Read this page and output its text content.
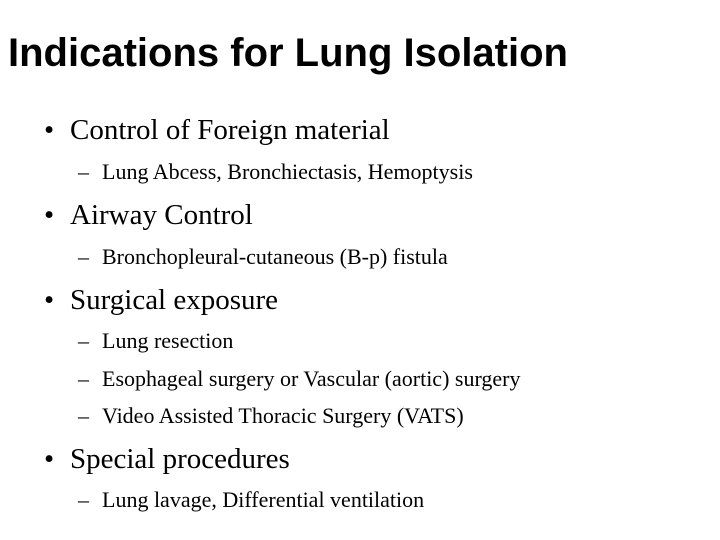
Indications for Lung Isolation
• Control of Foreign material
– Lung Abcess, Bronchiectasis, Hemoptysis
• Airway Control
– Bronchopleural-cutaneous (B-p) fistula
• Surgical exposure
– Lung resection
– Esophageal surgery or Vascular (aortic) surgery
– Video Assisted Thoracic Surgery (VATS)
• Special procedures
– Lung lavage, Differential ventilation
